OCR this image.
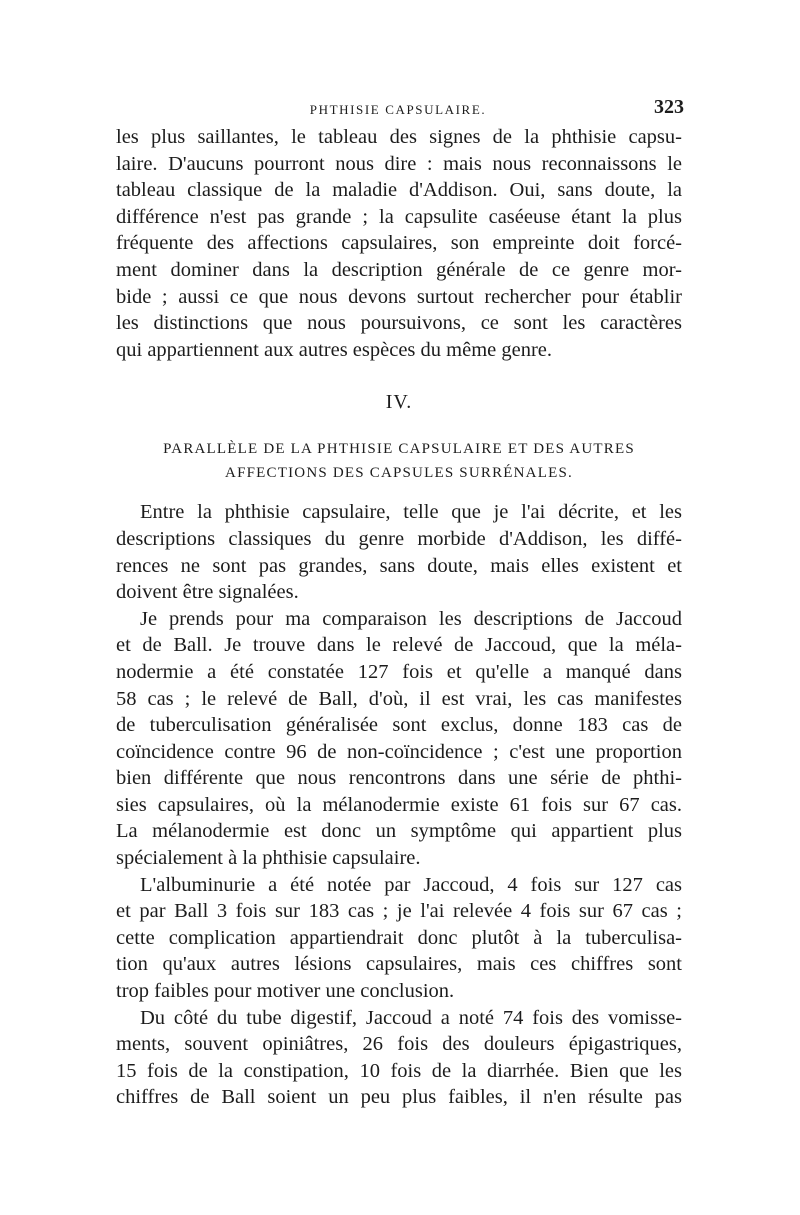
PHTHISIE CAPSULAIRE.	323
les plus saillantes, le tableau des signes de la phthisie capsu-
laire. D'aucuns pourront nous dire : mais nous reconnaissons le
tableau classique de la maladie d'Addison. Oui, sans doute, la
différence n'est pas grande ; la capsulite caséeuse étant la plus
fréquente des affections capsulaires, son empreinte doit forcé-
ment dominer dans la description générale de ce genre mor-
bide ; aussi ce que nous devons surtout rechercher pour établir
les distinctions que nous poursuivons, ce sont les caractères
qui appartiennent aux autres espèces du même genre.
IV.
PARALLÈLE DE LA PHTHISIE CAPSULAIRE ET DES AUTRES
AFFECTIONS DES CAPSULES SURRÉNALES.
Entre la phthisie capsulaire, telle que je l'ai décrite, et les
descriptions classiques du genre morbide d'Addison, les diffé-
rences ne sont pas grandes, sans doute, mais elles existent et
doivent être signalées.
Je prends pour ma comparaison les descriptions de Jaccoud
et de Ball. Je trouve dans le relevé de Jaccoud, que la méla-
nodermie a été constatée 127 fois et qu'elle a manqué dans
58 cas ; le relevé de Ball, d'où, il est vrai, les cas manifestes
de tuberculisation généralisée sont exclus, donne 183 cas de
coïncidence contre 96 de non-coïncidence ; c'est une proportion
bien différente que nous rencontrons dans une série de phthi-
sies capsulaires, où la mélanodermie existe 61 fois sur 67 cas.
La mélanodermie est donc un symptôme qui appartient plus
spécialement à la phthisie capsulaire.
L'albuminurie a été notée par Jaccoud, 4 fois sur 127 cas
et par Ball 3 fois sur 183 cas ; je l'ai relevée 4 fois sur 67 cas ;
cette complication appartiendrait donc plutôt à la tuberculisa-
tion qu'aux autres lésions capsulaires, mais ces chiffres sont
trop faibles pour motiver une conclusion.
Du côté du tube digestif, Jaccoud a noté 74 fois des vomisse-
ments, souvent opiniâtres, 26 fois des douleurs épigastriques,
15 fois de la constipation, 10 fois de la diarrhée. Bien que les
chiffres de Ball soient un peu plus faibles, il n'en résulte pas
